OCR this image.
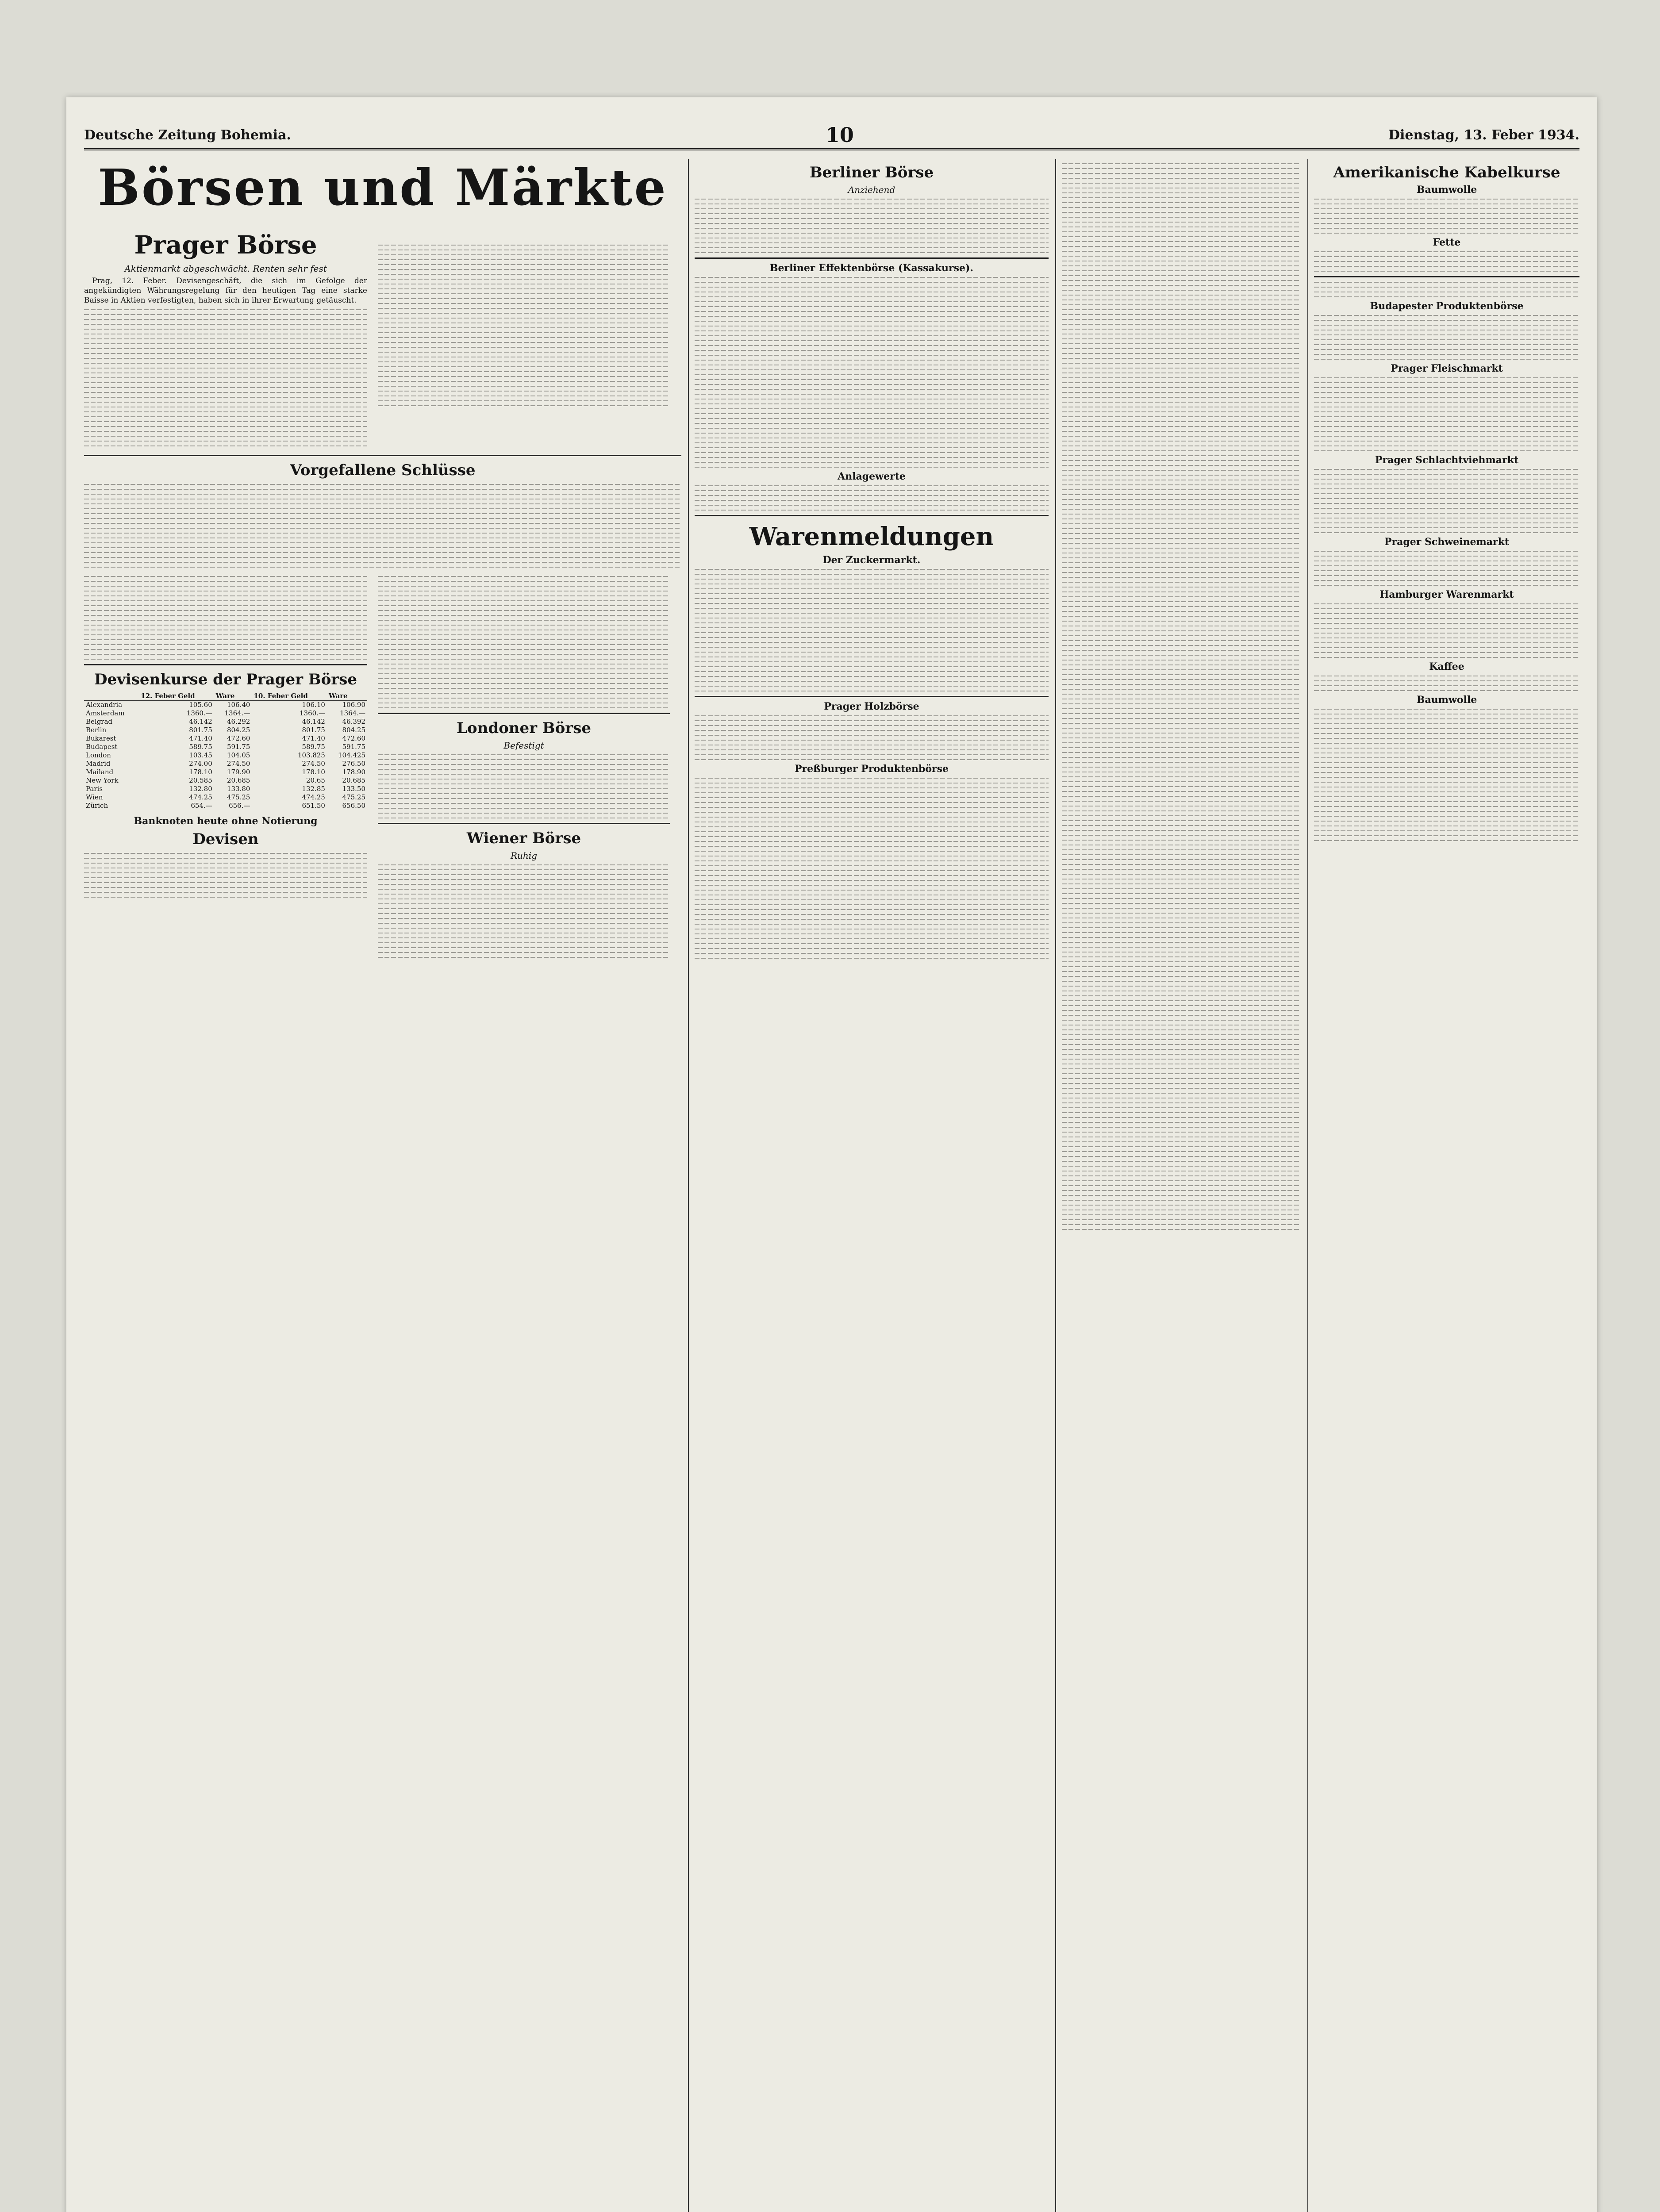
Deutsche Zeitung Bohemia.	10	Dienstag, 13. Feber 1934.
Börsen und Märkte
Prager Börse
Aktienmarkt abgeschwächt. Renten sehr fest

Prag, 12. Feber. Devisengeschäft, die sich im Gefolge der angekündigten Währungsregelung für den heutigen Tag eine starke Baisse in Aktien verfestigten, haben sich in ihrer Erwartung getäuscht.

Vorgefallene Schlüsse
Devisenkurse der Prager Börse
	12. Feber Geld	Ware	10. Feber Geld	Ware
Alexandria	105.60	106.40	106.10	106.90
Amsterdam	1360.—	1364.—	1360.—	1364.—
Belgrad	46.142	46.292	46.142	46.392
Berlin	801.75	804.25	801.75	804.25
Bukarest	471.40	472.60	471.40	472.60
Budapest	589.75	591.75	589.75	591.75
London	103.45	104.05	103.825	104.425
Madrid	274.00	274.50	274.50	276.50
Mailand	178.10	179.90	178.10	178.90
New York	20.585	20.685	20.65	20.685
Paris	132.80	133.80	132.85	133.50
Wien	474.25	475.25	474.25	475.25
Zürich	654.—	656.—	651.50	656.50
Banknoten heute ohne Notierung
Devisen
Londoner Börse
Befestigt
Wiener Börse
Ruhig
Berliner Börse
Anziehend
Berliner Effektenbörse (Kassakurse).
Anlagewerte
Warenmeldungen
Der Zuckermarkt.
Prager Holzbörse
Preßburger Produktenbörse
Amerikanische Kabelkurse
Baumwolle
Fette
Budapester Produktenbörse
Prager Fleischmarkt
Prager Schlachtviehmarkt
Prager Schweinemarkt
Hamburger Warenmarkt
Kaffee
Baumwolle
